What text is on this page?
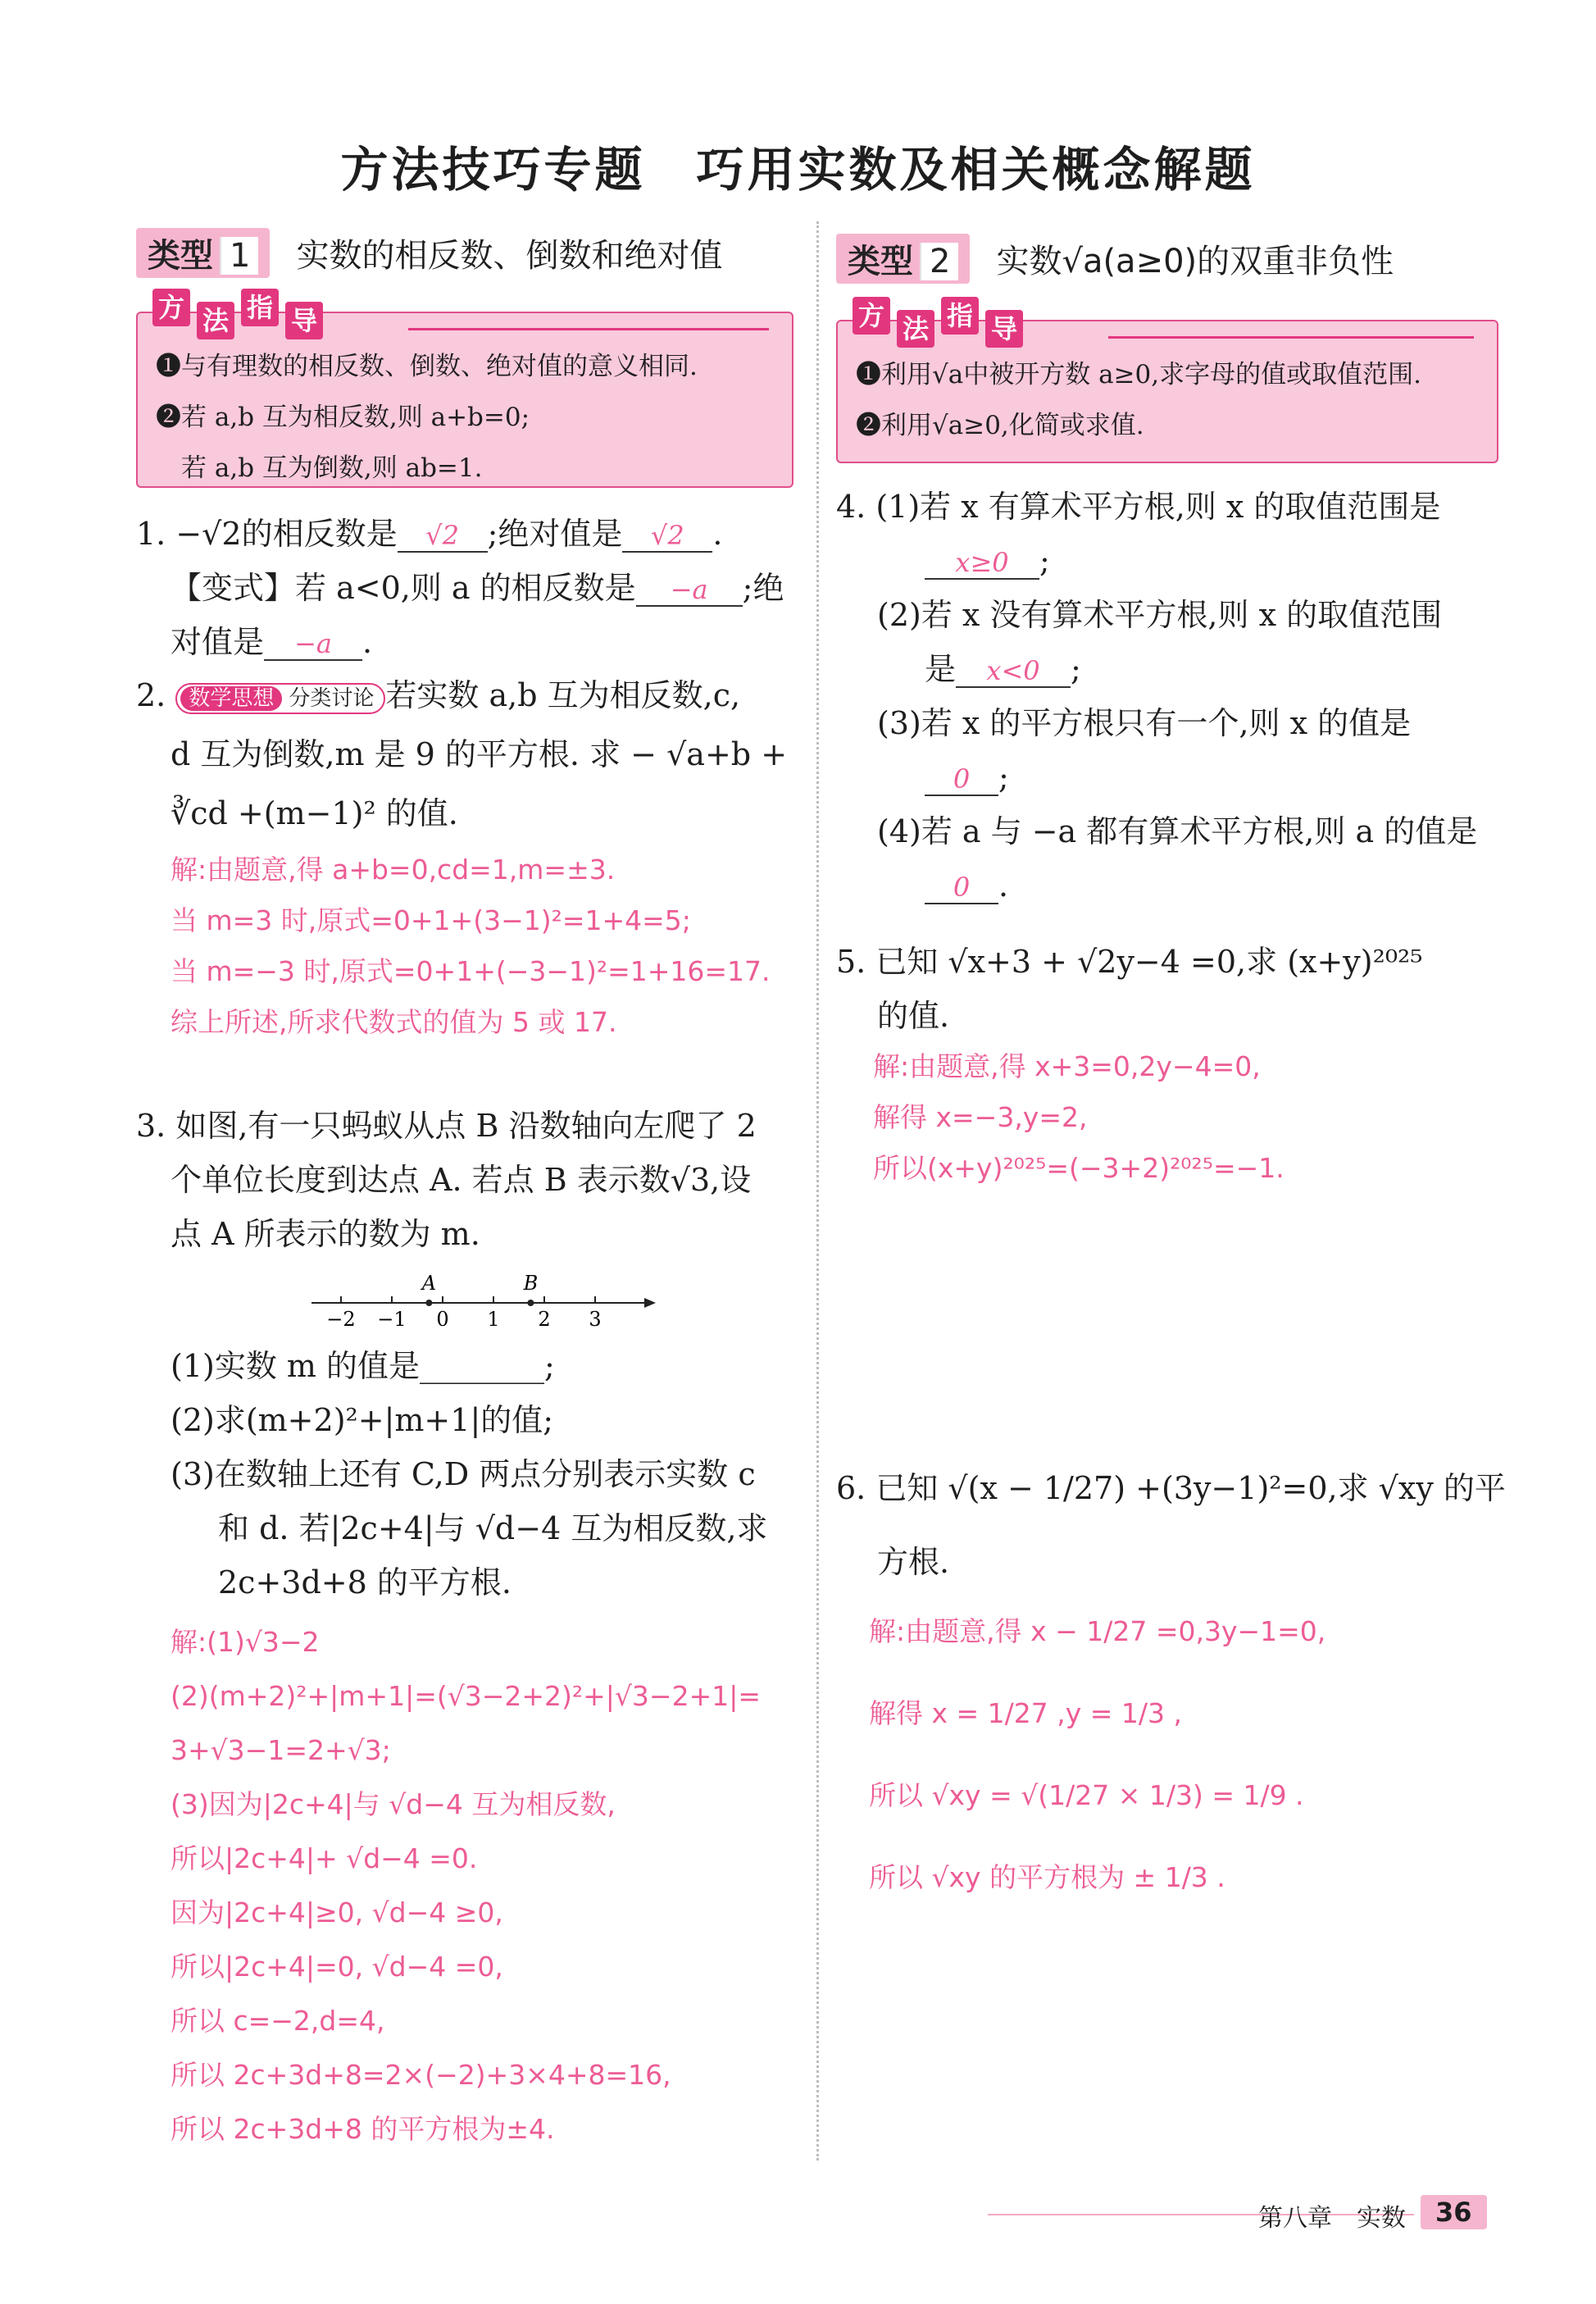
方法技巧专题　巧用实数及相关概念解题
类型 1 实数的相反数、倒数和绝对值
方 法 指 导
❶与有理数的相反数、倒数、绝对值的意义相同.
❷若 a,b 互为相反数,则 a+b=0;
　若 a,b 互为倒数,则 ab=1.
1. −√2的相反数是 √2 ;绝对值是 √2 .
【变式】若 a<0,则 a 的相反数是 −a ;绝
对值是 −a .
2. 数学思想 分类讨论 若实数 a,b 互为相反数,c,
d 互为倒数,m 是 9 的平方根. 求 − √a+b +
∛cd +(m−1)² 的值.
解:由题意,得 a+b=0,cd=1,m=±3.
当 m=3 时,原式=0+1+(3−1)²=1+4=5;
当 m=−3 时,原式=0+1+(−3−1)²=1+16=17.
综上所述,所求代数式的值为 5 或 17.
3. 如图,有一只蚂蚁从点 B 沿数轴向左爬了 2
个单位长度到达点 A. 若点 B 表示数√3,设
点 A 所表示的数为 m.
−2 −1 0 1 2 3
A	B
(1)实数 m 的值是________;
(2)求(m+2)²+|m+1|的值;
(3)在数轴上还有 C,D 两点分别表示实数 c
和 d. 若|2c+4|与 √d−4 互为相反数,求
2c+3d+8 的平方根.
解:(1)√3−2
(2)(m+2)²+|m+1|=(√3−2+2)²+|√3−2+1|=
3+√3−1=2+√3;
(3)因为|2c+4|与 √d−4 互为相反数,
所以|2c+4|+ √d−4 =0.
因为|2c+4|≥0, √d−4 ≥0,
所以|2c+4|=0, √d−4 =0,
所以 c=−2,d=4,
所以 2c+3d+8=2×(−2)+3×4+8=16,
所以 2c+3d+8 的平方根为±4.
类型 2 实数√a(a≥0)的双重非负性
方 法 指 导
❶利用√a中被开方数 a≥0,求字母的值或取值范围.
❷利用√a≥0,化简或求值.
4. (1)若 x 有算术平方根,则 x 的取值范围是
x≥0 ;
(2)若 x 没有算术平方根,则 x 的取值范围
是 x<0 ;
(3)若 x 的平方根只有一个,则 x 的值是
0 ;
(4)若 a 与 −a 都有算术平方根,则 a 的值是
0 .
5. 已知 √x+3 + √2y−4 =0,求 (x+y)²⁰²⁵
的值.
解:由题意,得 x+3=0,2y−4=0,
解得 x=−3,y=2,
所以(x+y)²⁰²⁵=(−3+2)²⁰²⁵=−1.
6. 已知 √(x − 1/27) +(3y−1)²=0,求 √xy 的平
方根.
解:由题意,得 x − 1/27 =0,3y−1=0,
解得 x = 1/27 ,y = 1/3 ,
所以 √xy = √(1/27 × 1/3) = 1/9 .
所以 √xy 的平方根为 ± 1/3 .
第八章　实数	36
